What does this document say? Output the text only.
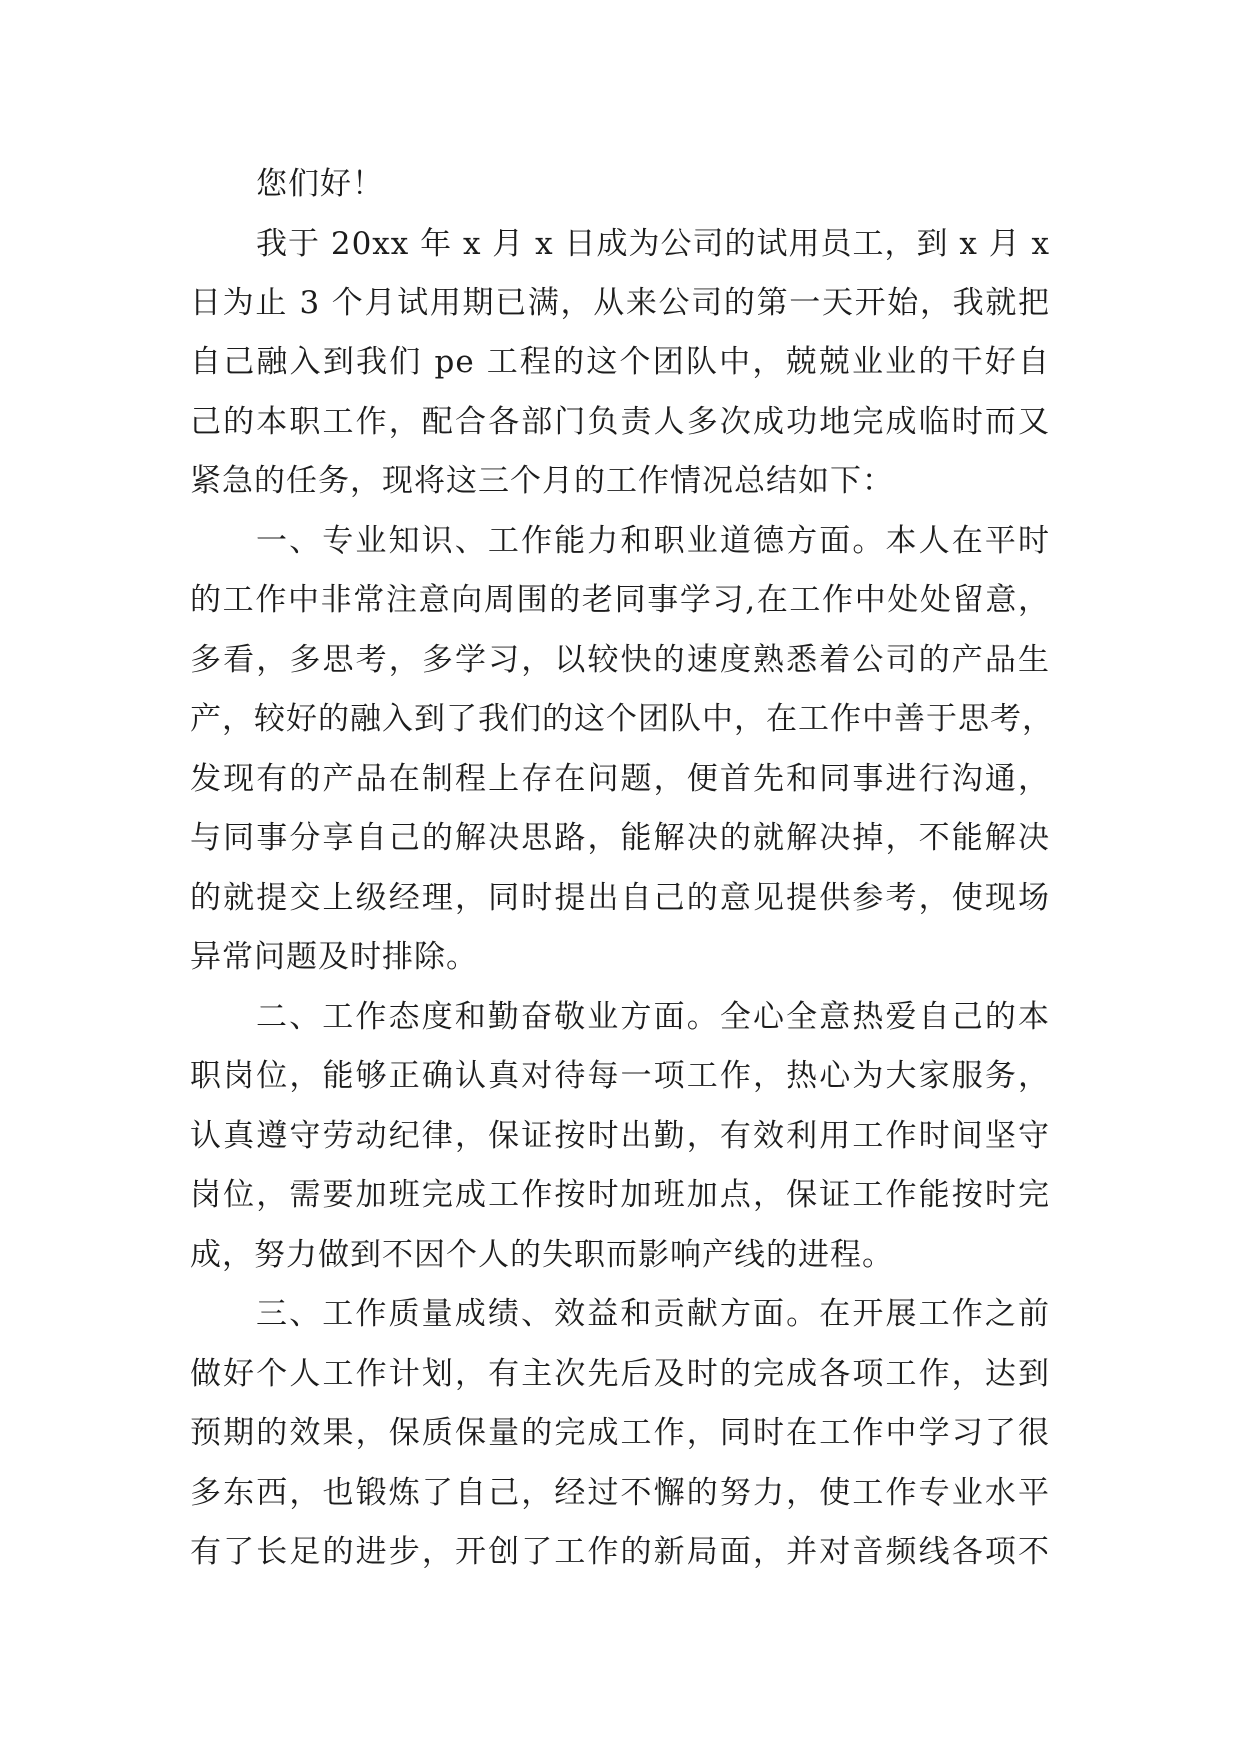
您们好！
我于 20xx 年 x 月 x 日成为公司的试用员工，到 x 月 x
日为止 3 个月试用期已满，从来公司的第一天开始，我就把
自己融入到我们 pe 工程的这个团队中，兢兢业业的干好自
己的本职工作，配合各部门负责人多次成功地完成临时而又
紧急的任务，现将这三个月的工作情况总结如下：
一、专业知识、工作能力和职业道德方面。本人在平时
的工作中非常注意向周围的老同事学习,在工作中处处留意，
多看，多思考，多学习，以较快的速度熟悉着公司的产品生
产，较好的融入到了我们的这个团队中，在工作中善于思考，
发现有的产品在制程上存在问题，便首先和同事进行沟通，
与同事分享自己的解决思路，能解决的就解决掉，不能解决
的就提交上级经理，同时提出自己的意见提供参考，使现场
异常问题及时排除。
二、工作态度和勤奋敬业方面。全心全意热爱自己的本
职岗位，能够正确认真对待每一项工作，热心为大家服务，
认真遵守劳动纪律，保证按时出勤，有效利用工作时间坚守
岗位，需要加班完成工作按时加班加点，保证工作能按时完
成，努力做到不因个人的失职而影响产线的进程。
三、工作质量成绩、效益和贡献方面。在开展工作之前
做好个人工作计划，有主次先后及时的完成各项工作，达到
预期的效果，保质保量的完成工作，同时在工作中学习了很
多东西，也锻炼了自己，经过不懈的努力，使工作专业水平
有了长足的进步，开创了工作的新局面，并对音频线各项不
